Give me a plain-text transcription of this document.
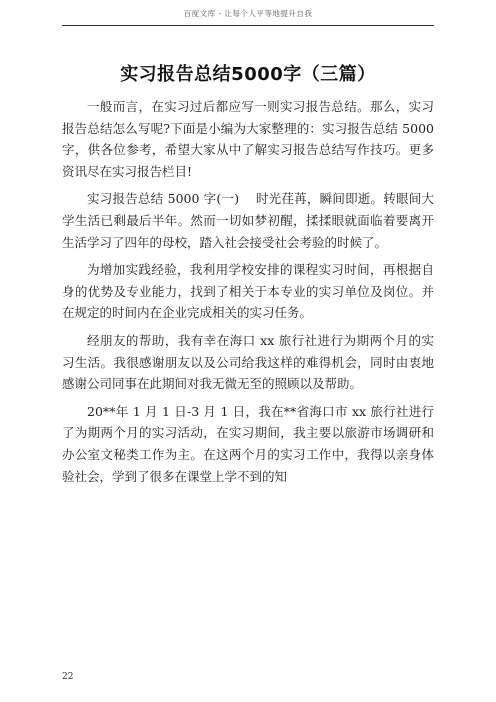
百度文库 - 让每个人平等地提升自我
实习报告总结5000字（三篇）

一般而言，在实习过后都应写一则实习报告总结。那么，实习报告总结怎么写呢?下面是小编为大家整理的：实习报告总结 5000 字，供各位参考，希望大家从中了解实习报告总结写作技巧。更多资讯尽在实习报告栏目!

实习报告总结 5000 字(一)    时光荏苒，瞬间即逝。转眼间大学生活已剩最后半年。然而一切如梦初醒，揉揉眼就面临着要离开生活学习了四年的母校，踏入社会接受社会考验的时候了。

为增加实践经验，我利用学校安排的课程实习时间，再根据自身的优势及专业能力，找到了相关于本专业的实习单位及岗位。并在规定的时间内在企业完成相关的实习任务。

经朋友的帮助，我有幸在海口 xx 旅行社进行为期两个月的实习生活。我很感谢朋友以及公司给我这样的难得机会，同时由衷地感谢公司同事在此期间对我无微无至的照顾以及帮助。

20**年 1 月 1 日-3 月 1 日，我在**省海口市 xx 旅行社进行了为期两个月的实习活动，在实习期间，我主要以旅游市场调研和办公室文秘类工作为主。在这两个月的实习工作中，我得以亲身体验社会，学到了很多在课堂上学不到的知

22
